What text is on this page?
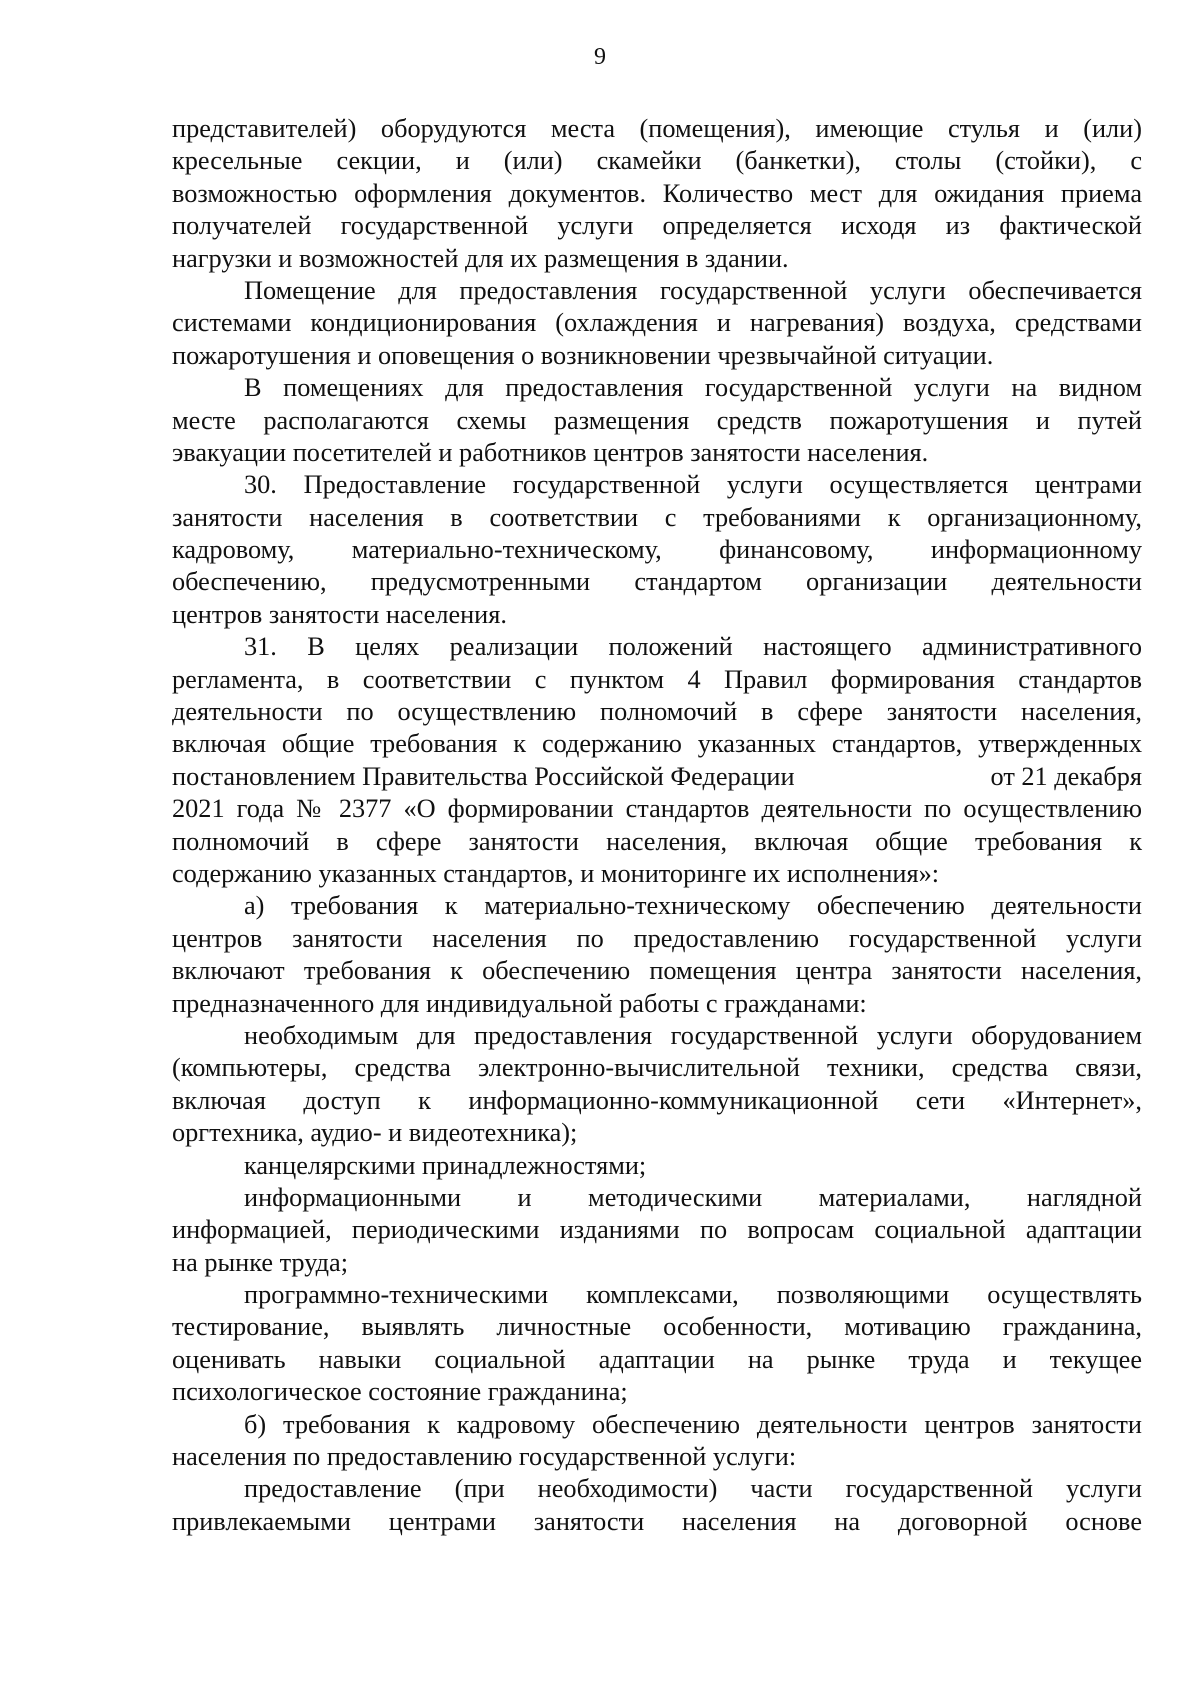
9
представителей) оборудуются места (помещения), имеющие стулья и (или)
кресельные секции, и (или) скамейки (банкетки), столы (стойки), с
возможностью оформления документов. Количество мест для ожидания приема
получателей государственной услуги определяется исходя из фактической
нагрузки и возможностей для их размещения в здании.
Помещение для предоставления государственной услуги обеспечивается
системами кондиционирования (охлаждения и нагревания) воздуха, средствами
пожаротушения и оповещения о возникновении чрезвычайной ситуации.
В помещениях для предоставления государственной услуги на видном
месте располагаются схемы размещения средств пожаротушения и путей
эвакуации посетителей и работников центров занятости населения.
30. Предоставление государственной услуги осуществляется центрами
занятости населения в соответствии с требованиями к организационному,
кадровому, материально-техническому, финансовому, информационному
обеспечению, предусмотренными стандартом организации деятельности
центров занятости населения.
31. В целях реализации положений настоящего административного
регламента, в соответствии с пунктом 4 Правил формирования стандартов
деятельности по осуществлению полномочий в сфере занятости населения,
включая общие требования к содержанию указанных стандартов, утвержденных
постановлением Правительства Российской Федерации	от 21 декабря
2021 года № 2377 «О формировании стандартов деятельности по осуществлению
полномочий в сфере занятости населения, включая общие требования к
содержанию указанных стандартов, и мониторинге их исполнения»:
а) требования к материально-техническому обеспечению деятельности
центров занятости населения по предоставлению государственной услуги
включают требования к обеспечению помещения центра занятости населения,
предназначенного для индивидуальной работы с гражданами:
необходимым для предоставления государственной услуги оборудованием
(компьютеры, средства электронно-вычислительной техники, средства связи,
включая доступ к информационно-коммуникационной сети «Интернет»,
оргтехника, аудио- и видеотехника);
канцелярскими принадлежностями;
информационными и методическими материалами, наглядной
информацией, периодическими изданиями по вопросам социальной адаптации
на рынке труда;
программно-техническими комплексами, позволяющими осуществлять
тестирование, выявлять личностные особенности, мотивацию гражданина,
оценивать навыки социальной адаптации на рынке труда и текущее
психологическое состояние гражданина;
б) требования к кадровому обеспечению деятельности центров занятости
населения по предоставлению государственной услуги:
предоставление (при необходимости) части государственной услуги
привлекаемыми центрами занятости населения на договорной основе
